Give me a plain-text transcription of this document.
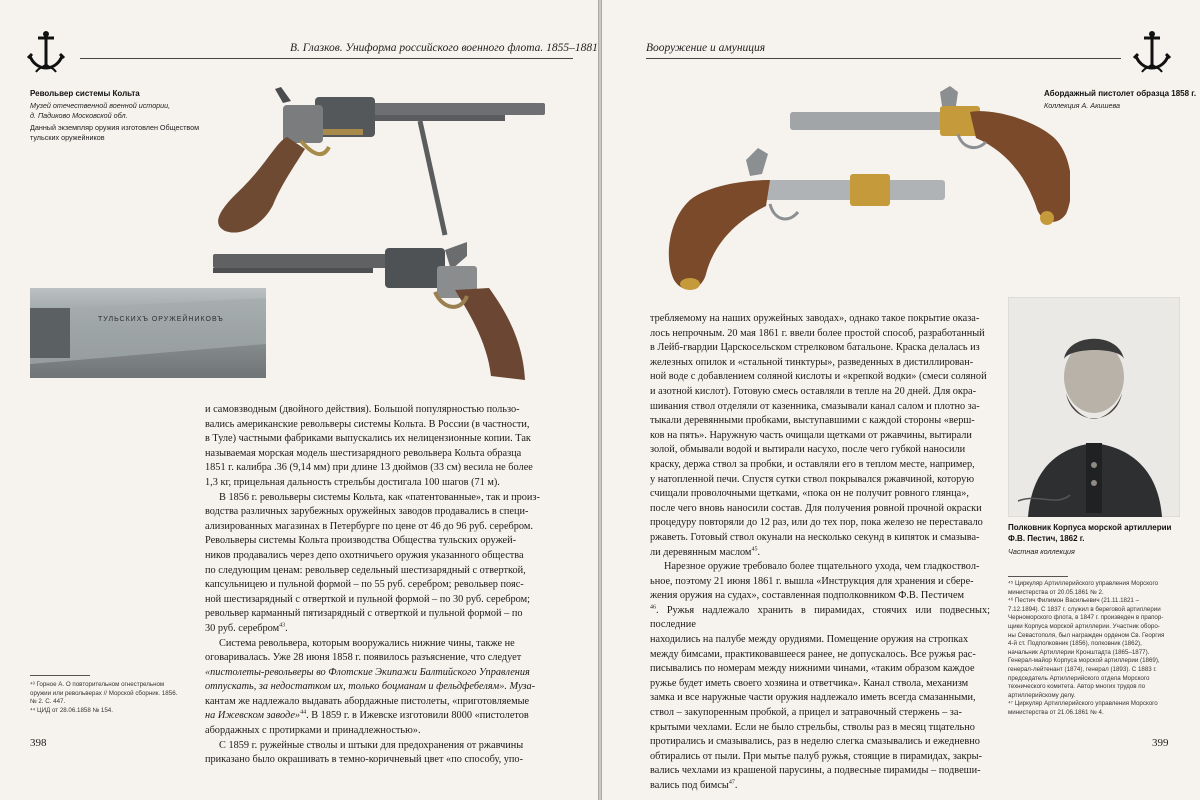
В. Глазков. Униформа российского военного флота. 1855–1881
Револьвер системы Кольта
Музей отечественной военной истории,
д. Падиково Московской обл.
Данный экземпляр оружия изготовлен Обществом
тульских оружейников
ТУЛЬСКИХЪ ОРУЖЕЙНИКОВЪ

и самовзводным (двойного действия). Большой популярностью пользо-

вались американские револьверы системы Кольта. В России (в частности,

в Туле) частными фабриками выпускались их нелицензионные копии. Так

называемая морская модель шестизарядного револьвера Кольта образца

1851 г. калибра .36 (9,14 мм) при длине 13 дюймов (33 см) весила не более

1,3 кг, прицельная дальность стрельбы достигала 100 шагов (71 м).

В 1856 г. револьверы системы Кольта, как «патентованные», так и произ-

водства различных зарубежных оружейных заводов продавались в специ-

ализированных магазинах в Петербурге по цене от 46 до 96 руб. серебром.

Револьверы системы Кольта производства Общества тульских оружей-

ников продавались через депо охотничьего оружия указанного общества

по следующим ценам: револьвер седельный шестизарядный с отверткой,

капсульницею и пульной формой – по 55 руб. серебром; револьвер пояс-

ной шестизарядный с отверткой и пульной формой – по 30 руб. серебром;

револьвер карманный пятизарядный с отверткой и пульной формой – по

30 руб. серебром$^{43}$.

Система револьвера, которым вооружались нижние чины, также не

оговаривалась. Уже 28 июня 1858 г. появилось разъяснение, что следует

«пистолеты-револьверы во Флотские Экипажи Балтийского Управления

отпускать, за недостатком их, только боцманам и фельдфебелям». Муза-

кантам же надлежало выдавать абордажные пистолеты, «приготовляемые

на Ижевском заводе»$^{44}$. В 1859 г. в Ижевске изготовили 8000 «пистолетов

абордажных с протирками и принадлежностью».

С 1859 г. ружейные стволы и штыки для предохранения от ржавчины

приказано было окрашивать в темно-коричневый цвет «по способу, упо-

⁴³ Горное А. О повторительном огнестрельном
оружии или револьверах // Морской сборник. 1856.
№ 2. С. 447.
⁴⁴ ЦИД от 28.06.1858 № 154.
398
Вооружение и амуниция
Абордажный пистолет образца 1858 г.
Коллекция А. Акишева

требляемому на наших оружейных заводах», однако такое покрытие оказа-

лось непрочным. 20 мая 1861 г. ввели более простой способ, разработанный

в Лейб-гвардии Царскосельском стрелковом батальоне. Краска делалась из

железных опилок и «стальной тинктуры», разведенных в дистиллирован-

ной воде с добавлением соляной кислоты и «крепкой водки» (смеси соляной

и азотной кислот). Готовую смесь оставляли в тепле на 20 дней. Для окра-

шивания ствол отделяли от казенника, смазывали канал салом и плотно за-

тыкали деревянными пробками, выступавшими с каждой стороны «верш-

ков на пять». Наружную часть очищали щетками от ржавчины, вытирали

золой, обмывали водой и вытирали насухо, после чего губкой наносили

краску, держа ствол за пробки, и оставляли его в теплом месте, например,

у натопленной печи. Спустя сутки ствол покрывался ржавчиной, которую

счищали проволочными щетками, «пока он не получит ровного глянца»,

после чего вновь наносили состав. Для получения ровной прочной окраски

процедуру повторяли до 12 раз, или до тех пор, пока железо не переставало

ржаветь. Готовый ствол окунали на несколько секунд в кипяток и смазыва-

ли деревянным маслом$^{45}$.

Нарезное оружие требовало более тщательного ухода, чем гладкоствол-

ьное, поэтому 21 июня 1861 г. вышла «Инструкция для хранения и сбере-

жения оружия на судах», составленная подполковником Ф.В. Пестичем

$^{46}$. Ружья надлежало хранить в пирамидах, стоячих или подвесных; последние

находились на палубе между орудиями. Помещение оружия на стропках

между бимсами, практиковавшееся ранее, не допускалось. Все ружья рас-

писывались по номерам между нижними чинами, «таким образом каждое

ружье будет иметь своего хозяина и ответчика». Канал ствола, механизм

замка и все наружные части оружия надлежало иметь всегда смазанными,

ствол – закупоренным пробкой, а прицел и затравочный стержень – за-

крытыми чехлами. Если не было стрельбы, стволы раз в месяц тщательно

протирались и смазывались, раз в неделю слегка смазывались и ежедневно

обтирались от пыли. При мытье палуб ружья, стоящие в пирамидах, закры-

вались чехлами из крашеной парусины, а подвесные пирамиды – подвеши-

вались под бимсы$^{47}$.

Полковник Корпуса морской артиллерии
Ф.В. Пестич, 1862 г.
Частная коллекция
⁴⁵ Циркуляр Артиллерийского управления Морского
министерства от 20.05.1861 № 2.
⁴⁶ Пестич Филимон Васильевич (21.11.1821 –
7.12.1894). С 1837 г. служил в береговой артиллерии
Черноморского флота, в 1847 г. произведен в прапор-
щики Корпуса морской артиллерии. Участник оборо-
ны Севастополя, был награжден орденом Св. Георгия
4-й ст. Подполковник (1856), полковник (1862),
начальник Артиллерии Кронштадта (1865–1877).
Генерал-майор Корпуса морской артиллерии (1869),
генерал-лейтенант (1874), генерал (1893). С 1883 г.
председатель Артиллерийского отдела Морского
технического комитета. Автор многих трудов по
артиллерийскому делу.
⁴⁷ Циркуляр Артиллерийского управления Морского
министерства от 21.06.1861 № 4.
399
